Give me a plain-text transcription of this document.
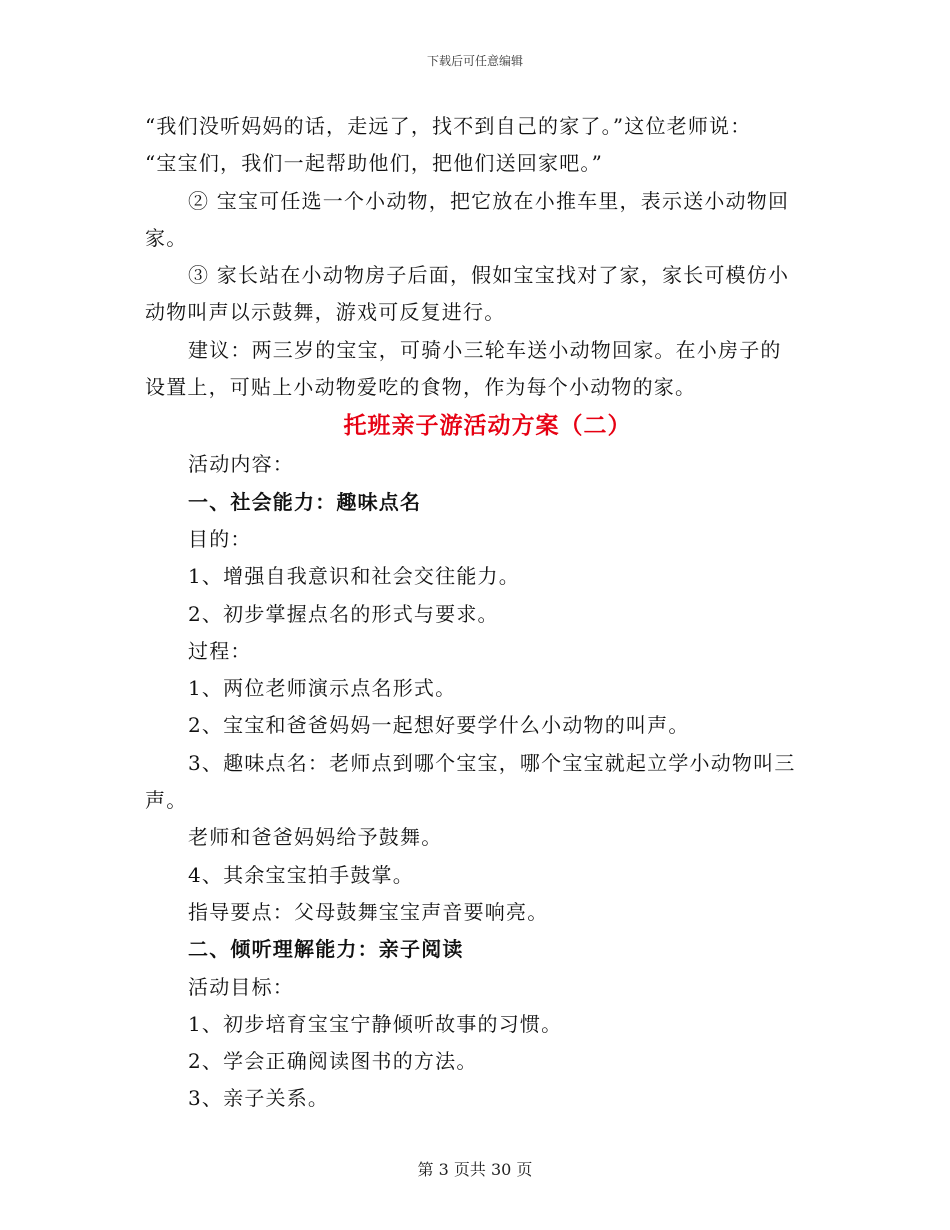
下载后可任意编辑
“我们没听妈妈的话，走远了，找不到自己的家了。”这位老师说：
“宝宝们，我们一起帮助他们，把他们送回家吧。”
② 宝宝可任选一个小动物，把它放在小推车里，表示送小动物回
家。
③ 家长站在小动物房子后面，假如宝宝找对了家，家长可模仿小
动物叫声以示鼓舞，游戏可反复进行。
建议：两三岁的宝宝，可骑小三轮车送小动物回家。在小房子的
设置上，可贴上小动物爱吃的食物，作为每个小动物的家。
托班亲子游活动方案（二）
活动内容：
一、社会能力：趣味点名
目的：
1、增强自我意识和社会交往能力。
2、初步掌握点名的形式与要求。
过程：
1、两位老师演示点名形式。
2、宝宝和爸爸妈妈一起想好要学什么小动物的叫声。
3、趣味点名：老师点到哪个宝宝，哪个宝宝就起立学小动物叫三
声。
老师和爸爸妈妈给予鼓舞。
4、其余宝宝拍手鼓掌。
指导要点：父母鼓舞宝宝声音要响亮。
二、倾听理解能力：亲子阅读
活动目标：
1、初步培育宝宝宁静倾听故事的习惯。
2、学会正确阅读图书的方法。
3、亲子关系。
第 3 页共 30 页
